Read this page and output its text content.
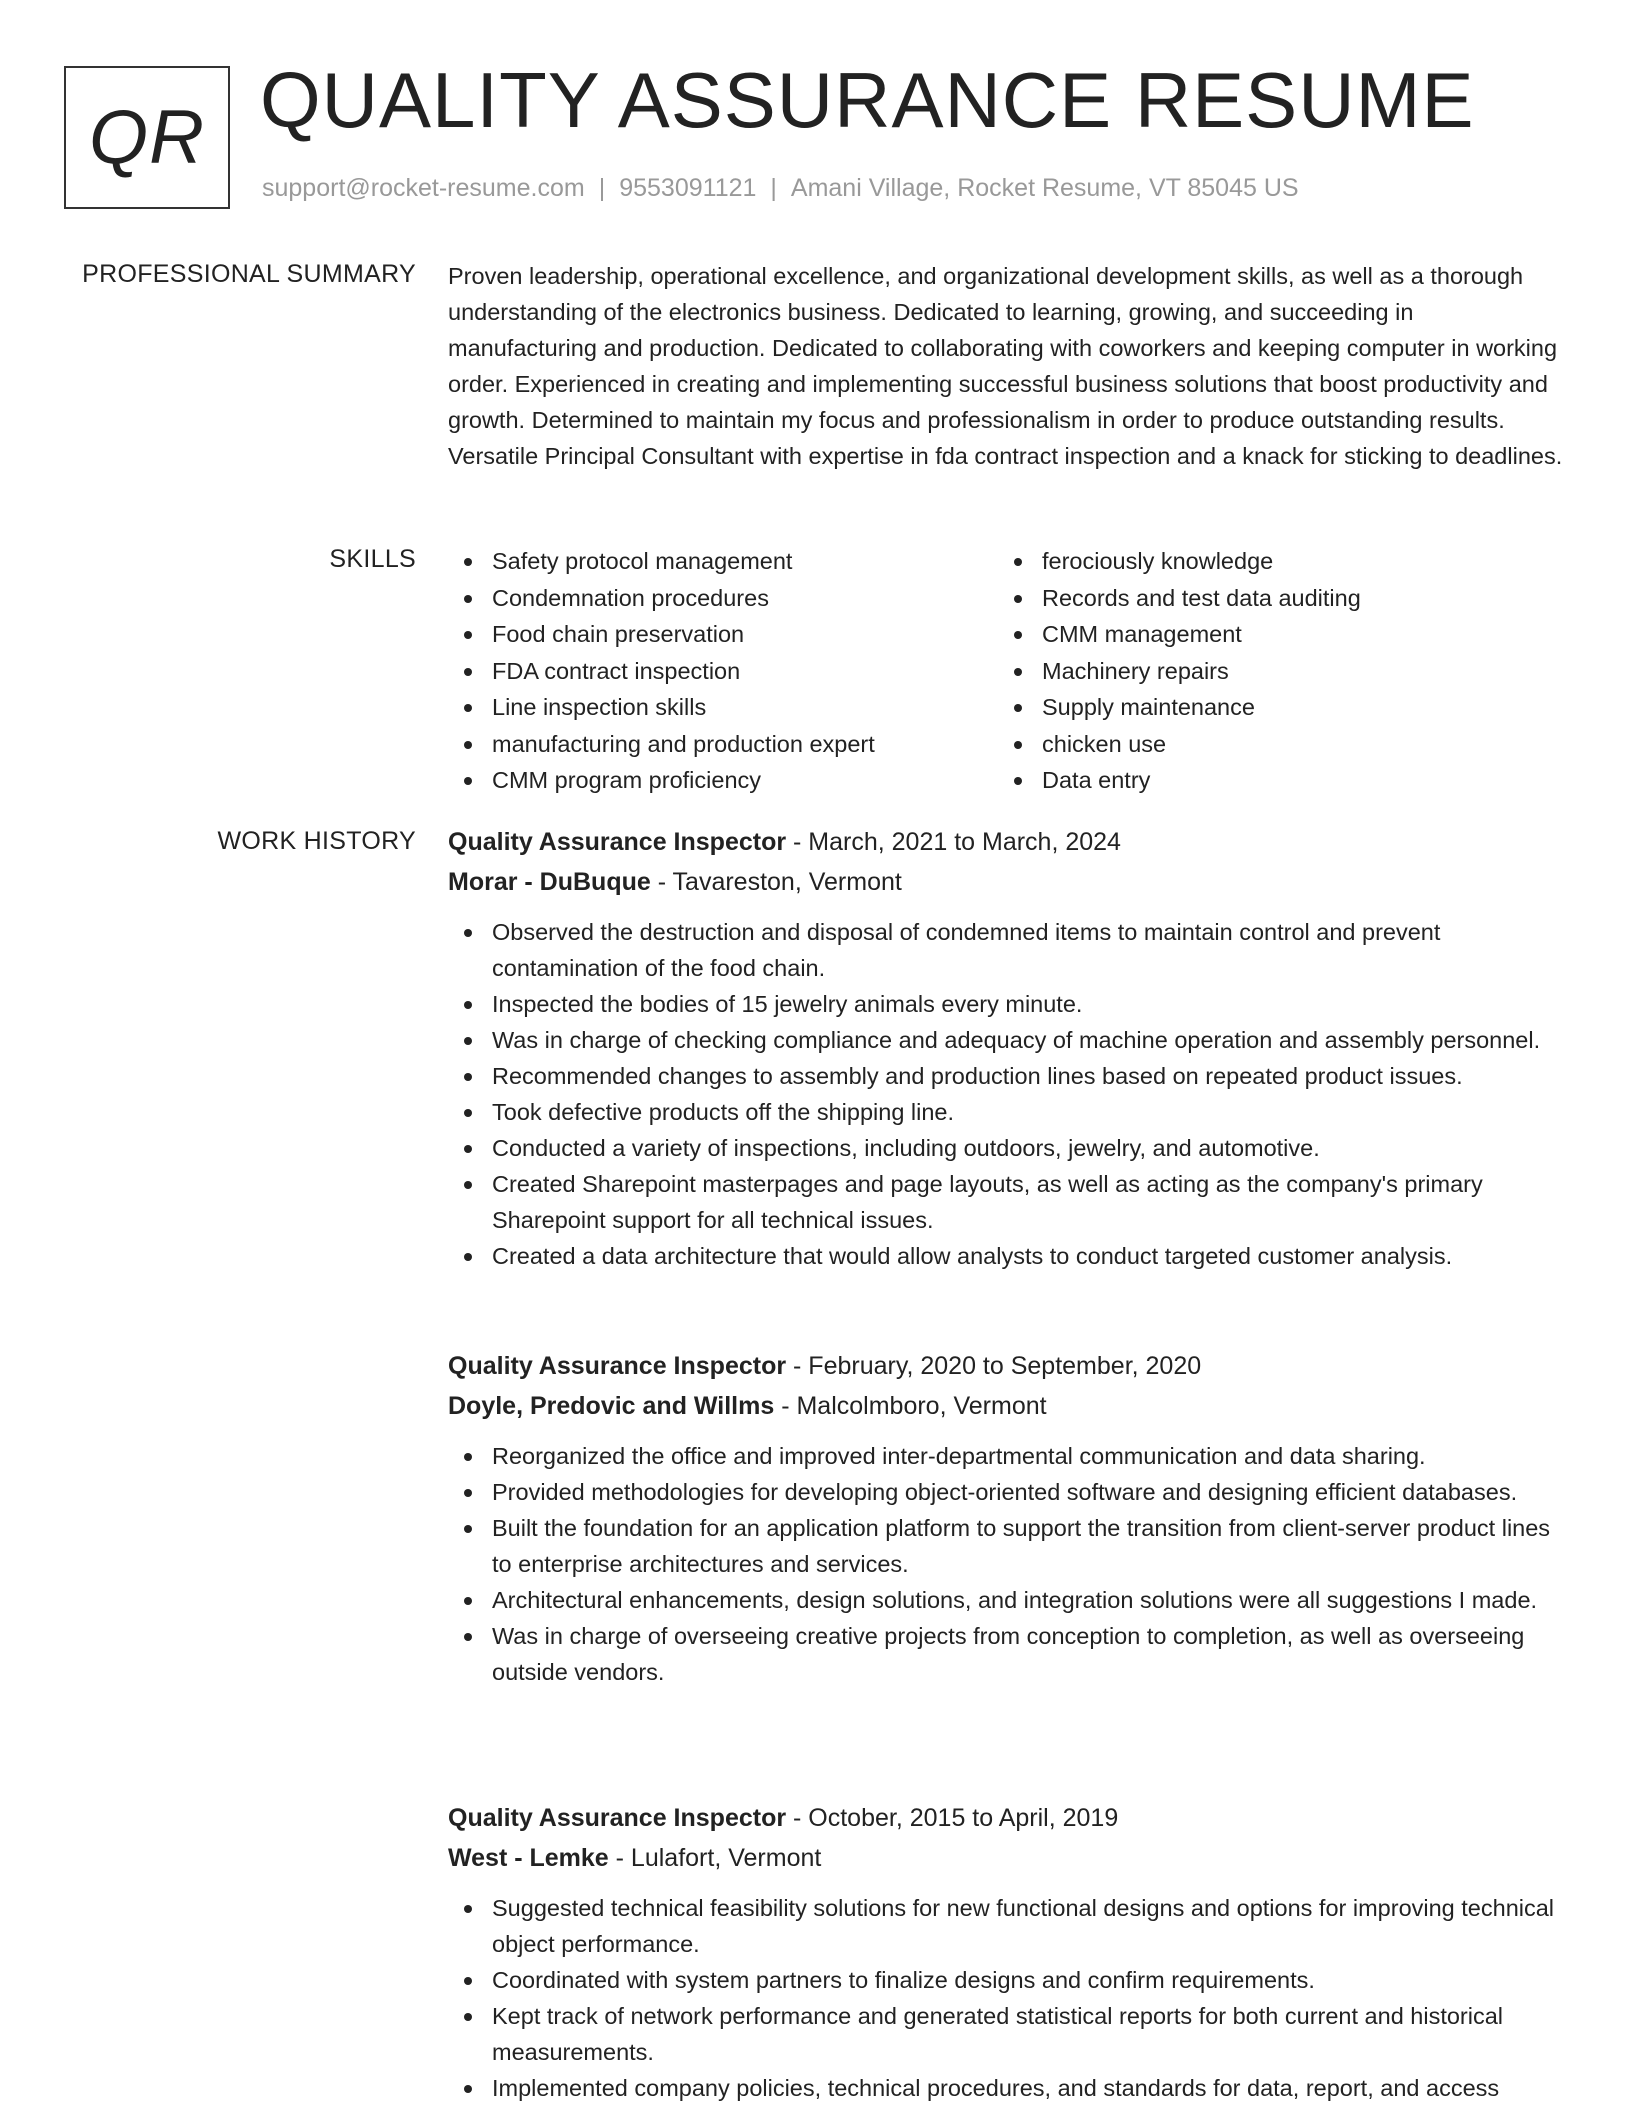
QR QUALITY ASSURANCE RESUME
support@rocket-resume.com | 9553091121 | Amani Village, Rocket Resume, VT 85045 US
PROFESSIONAL SUMMARY Proven leadership, operational excellence, and organizational development skills, as well as a thorough understanding of the electronics business. Dedicated to learning, growing, and succeeding in manufacturing and production. Dedicated to collaborating with coworkers and keeping computer in working order. Experienced in creating and implementing successful business solutions that boost productivity and growth. Determined to maintain my focus and professionalism in order to produce outstanding results. Versatile Principal Consultant with expertise in fda contract inspection and a knack for sticking to deadlines.

SKILLS	Safety protocol management
Condemnation procedures
Food chain preservation
FDA contract inspection
Line inspection skills
manufacturing and production expert
CMM program proficiency
ferociously knowledge
Records and test data auditing
CMM management
Machinery repairs
Supply maintenance
chicken use
Data entry
WORK HISTORY Quality Assurance Inspector - March, 2021 to March, 2024
Morar - DuBuque - Tavareston, Vermont
Observed the destruction and disposal of condemned items to maintain control and prevent contamination of the food chain.
Inspected the bodies of 15 jewelry animals every minute.
Was in charge of checking compliance and adequacy of machine operation and assembly personnel.
Recommended changes to assembly and production lines based on repeated product issues.
Took defective products off the shipping line.
Conducted a variety of inspections, including outdoors, jewelry, and automotive.
Created Sharepoint masterpages and page layouts, as well as acting as the company's primary Sharepoint support for all technical issues.
Created a data architecture that would allow analysts to conduct targeted customer analysis.
Quality Assurance Inspector - February, 2020 to September, 2020
Doyle, Predovic and Willms - Malcolmboro, Vermont
Reorganized the office and improved inter-departmental communication and data sharing.
Provided methodologies for developing object-oriented software and designing efficient databases.
Built the foundation for an application platform to support the transition from client-server product lines to enterprise architectures and services.
Architectural enhancements, design solutions, and integration solutions were all suggestions I made.
Was in charge of overseeing creative projects from conception to completion, as well as overseeing outside vendors.
Quality Assurance Inspector - October, 2015 to April, 2019
West - Lemke - Lulafort, Vermont
Suggested technical feasibility solutions for new functional designs and options for improving technical object performance.
Coordinated with system partners to finalize designs and confirm requirements.
Kept track of network performance and generated statistical reports for both current and historical measurements.
Implemented company policies, technical procedures, and standards for data, report, and access
